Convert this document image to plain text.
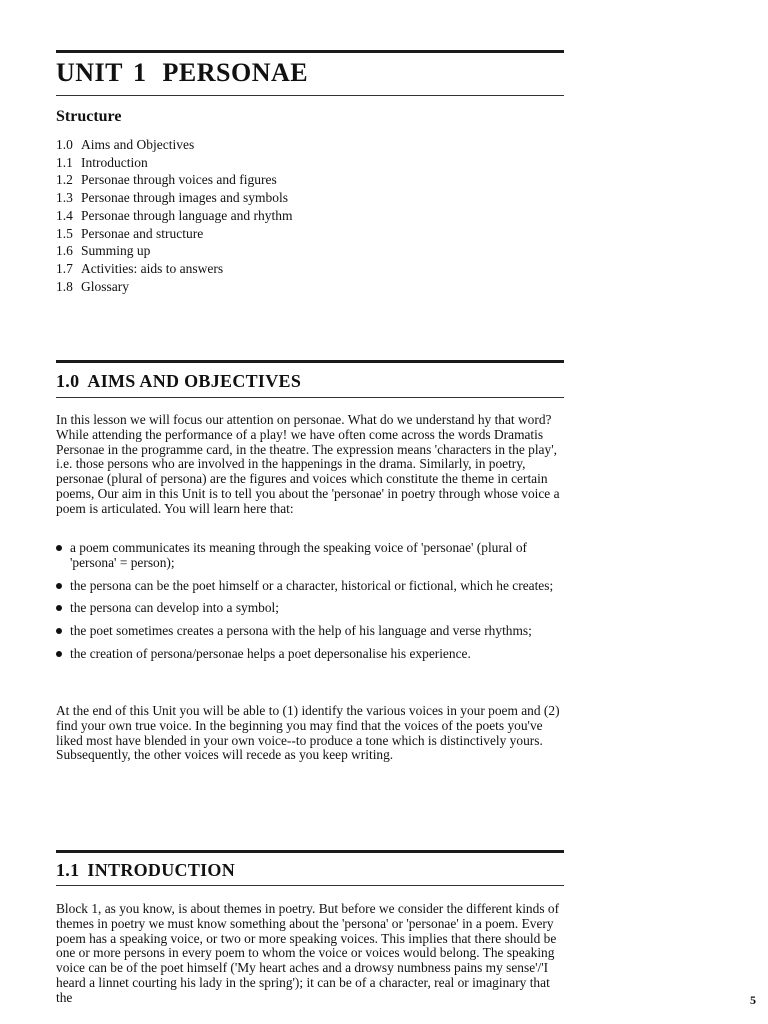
UNIT 1 PERSONAE
Structure
1.0 Aims and Objectives
1.1 Introduction
1.2 Personae through voices and figures
1.3 Personae through images and symbols
1.4 Personae through language and rhythm
1.5 Personae and structure
1.6 Summing up
1.7 Activities: aids to answers
1.8 Glossary
1.0 AIMS AND OBJECTIVES

In this lesson we will focus our attention on personae. What do we understand hy that word? While attending the performance of a play! we have often come across the words Dramatis Personae in the programme card, in the theatre. The expression means 'characters in the play', i.e. those persons who are involved in the happenings in the drama. Similarly, in poetry, personae (plural of persona) are the figures and voices which constitute the theme in certain poems, Our aim in this Unit is to tell you about the 'personae' in poetry through whose voice a poem is articulated. You will learn here that:

a poem communicates its meaning through the speaking voice of 'personae' (plural of 'persona' = person);
the persona can be the poet himself or a character, historical or fictional, which he creates;
the persona can develop into a symbol;
the poet sometimes creates a persona with the help of his language and verse rhythms;
the creation of persona/personae helps a poet depersonalise his experience.

At the end of this Unit you will be able to (1) identify the various voices in your poem and (2) find your own true voice. In the beginning you may find that the voices of the poets you've liked most have blended in your own voice--to produce a tone which is distinctively yours. Subsequently, the other voices will recede as you keep writing.

1.1 INTRODUCTION

Block 1, as you know, is about themes in poetry. But before we consider the different kinds of themes in poetry we must know something about the 'persona' or 'personae' in a poem. Every poem has a speaking voice, or two or more speaking voices. This implies that there should be one or more persons in every poem to whom the voice or voices would belong. The speaking voice can be of the poet himself ('My heart aches and a drowsy numbness pains my sense'/'I heard a linnet courting his lady in the spring'); it can be of a character, real or imaginary that the	5
